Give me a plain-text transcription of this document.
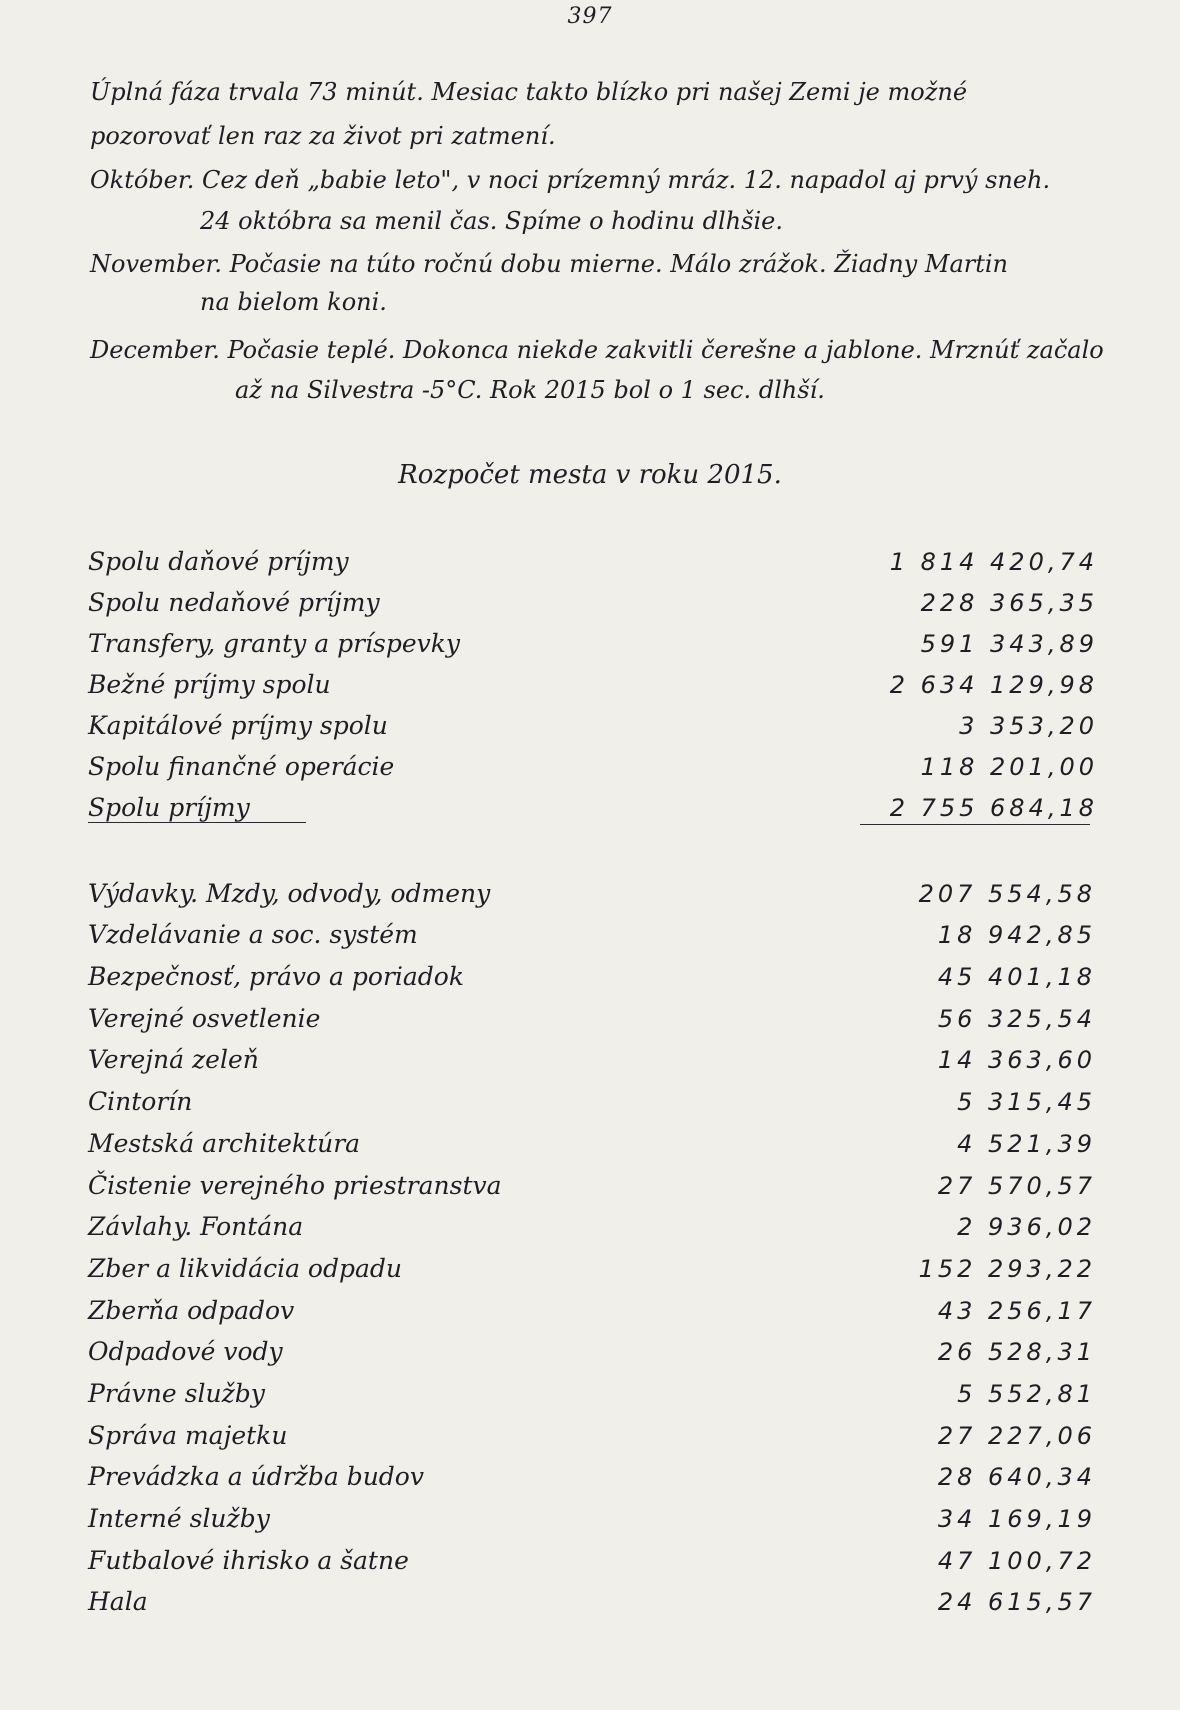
397
Úplná fáza trvala 73 minút. Mesiac takto blízko pri našej Zemi je možné
pozorovať len raz za život pri zatmení.
Október. Cez deň „babie leto", v noci prízemný mráz. 12. napadol aj prvý sneh.
24 októbra sa menil čas. Spíme o hodinu dlhšie.
November. Počasie na túto ročnú dobu mierne. Málo zrážok. Žiadny Martin
na bielom koni.
December. Počasie teplé. Dokonca niekde zakvitli čerešne a jablone. Mrznúť začalo
až na Silvestra -5°C. Rok 2015 bol o 1 sec. dlhší.
Rozpočet mesta v roku 2015.
Spolu daňové príjmy	1 814 420,74
Spolu nedaňové príjmy	228 365,35
Transfery, granty a príspevky	591 343,89
Bežné príjmy spolu	2 634 129,98
Kapitálové príjmy spolu	3 353,20
Spolu finančné operácie	118 201,00
Spolu príjmy	2 755 684,18
Výdavky. Mzdy, odvody, odmeny	207 554,58
Vzdelávanie a soc. systém	18 942,85
Bezpečnosť, právo a poriadok	45 401,18
Verejné osvetlenie	56 325,54
Verejná zeleň	14 363,60
Cintorín	5 315,45
Mestská architektúra	4 521,39
Čistenie verejného priestranstva	27 570,57
Závlahy. Fontána	2 936,02
Zber a likvidácia odpadu	152 293,22
Zberňa odpadov	43 256,17
Odpadové vody	26 528,31
Právne služby	5 552,81
Správa majetku	27 227,06
Prevádzka a údržba budov	28 640,34
Interné služby	34 169,19
Futbalové ihrisko a šatne	47 100,72
Hala	24 615,57
